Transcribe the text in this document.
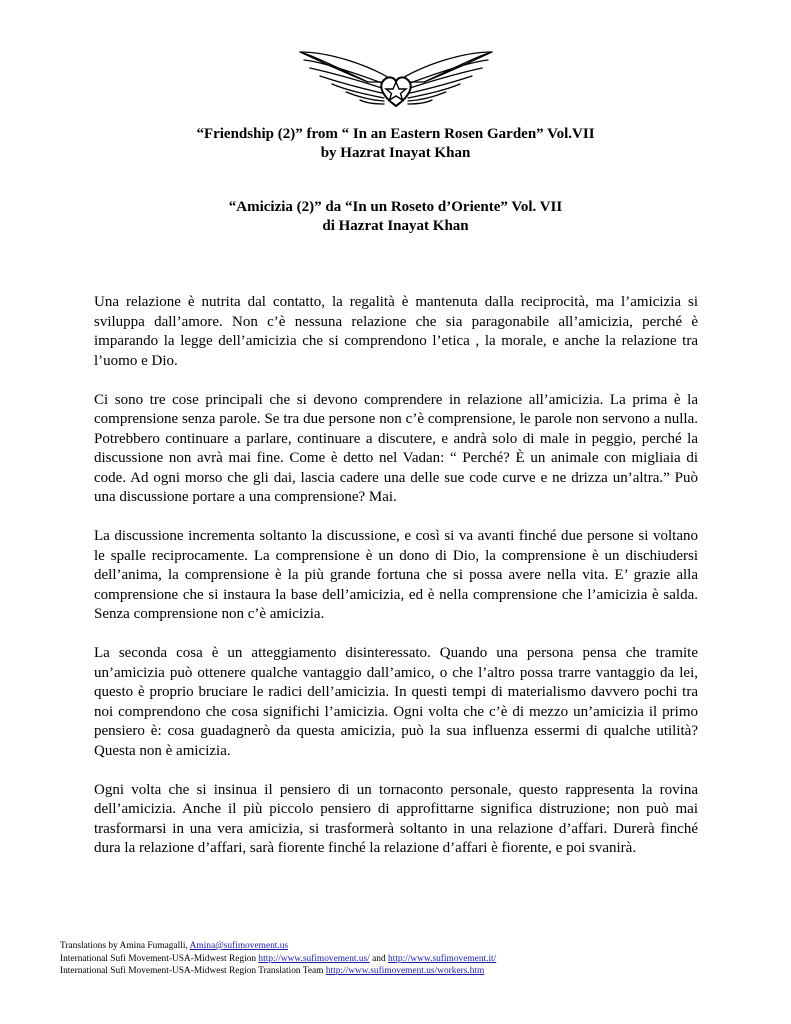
“Friendship (2)” from “ In an Eastern Rosen Garden” Vol.VII
by Hazrat Inayat Khan
“Amicizia (2)” da “In un Roseto d’Oriente” Vol. VII
di Hazrat Inayat Khan

Una relazione è nutrita dal contatto, la regalità è mantenuta dalla reciprocità, ma l’amicizia si sviluppa dall’amore. Non c’è nessuna relazione che sia paragonabile all’amicizia, perché è imparando la legge dell’amicizia che si comprendono l’etica , la morale, e anche la relazione tra l’uomo e Dio.

Ci sono tre cose principali che si devono comprendere in relazione all’amicizia. La prima è la comprensione senza parole. Se tra due persone non c’è comprensione, le parole non servono a nulla. Potrebbero continuare a parlare, continuare a discutere, e andrà solo di male in peggio, perché la discussione non avrà mai fine. Come è detto nel Vadan: “ Perché? È un animale con migliaia di code. Ad ogni morso che gli dai, lascia cadere una delle sue code curve e ne drizza un’altra.” Può una discussione portare a una comprensione? Mai.

La discussione incrementa soltanto la discussione, e così si va avanti finché due persone si voltano le spalle reciprocamente. La comprensione è un dono di Dio, la comprensione è un dischiudersi dell’anima, la comprensione è la più grande fortuna che si possa avere nella vita. E’ grazie alla comprensione che si instaura la base dell’amicizia, ed è nella comprensione che l’amicizia è salda. Senza comprensione non c’è amicizia.

La seconda cosa è un atteggiamento disinteressato. Quando una persona pensa che tramite un’amicizia può ottenere qualche vantaggio dall’amico, o che l’altro possa trarre vantaggio da lei, questo è proprio bruciare le radici dell’amicizia. In questi tempi di materialismo davvero pochi tra noi comprendono che cosa significhi l’amicizia. Ogni volta che c’è di mezzo un’amicizia il primo pensiero è: cosa guadagnerò da questa amicizia, può la sua influenza essermi di qualche utilità? Questa non è amicizia.

Ogni volta che si insinua il pensiero di un tornaconto personale, questo rappresenta la rovina dell’amicizia. Anche il più piccolo pensiero di approfittarne significa distruzione; non può mai trasformarsi in una vera amicizia, si trasformerà soltanto in una relazione d’affari. Durerà finché dura la relazione d’affari, sarà fiorente finché la relazione d’affari è fiorente, e poi svanirà.

Translations by Amina Fumagalli, Amina@sufimovement.us
International Sufi Movement-USA-Midwest Region http://www.sufimovement.us/ and http://www.sufimovement.it/
International Sufi Movement-USA-Midwest Region Translation Team http://www.sufimovement.us/workers.htm
